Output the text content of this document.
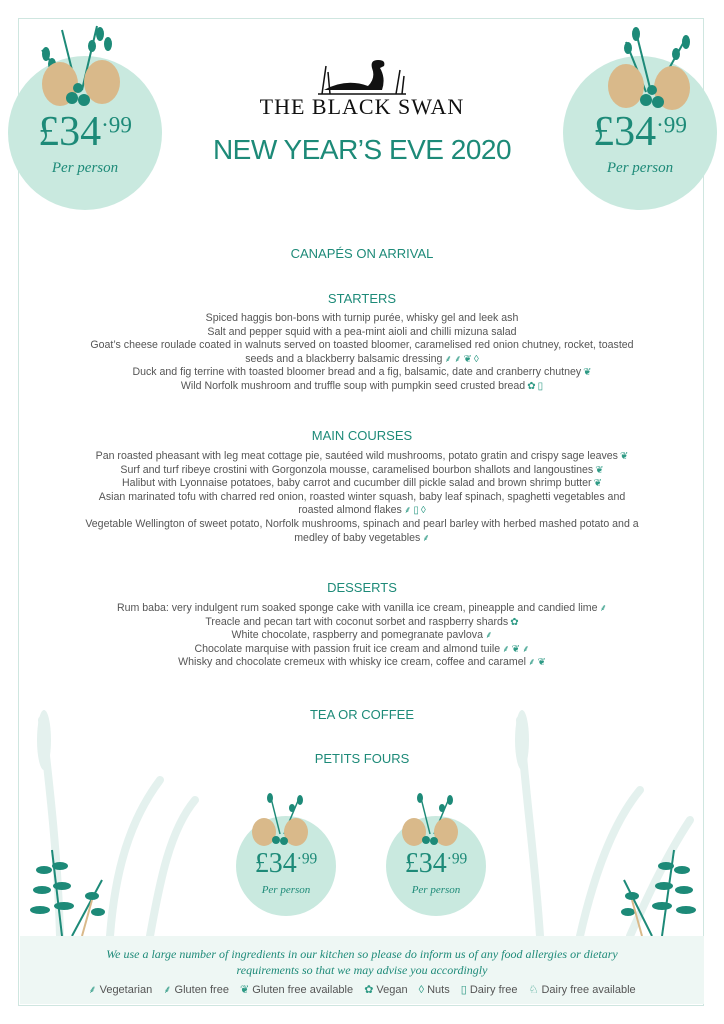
$£34^{\cdot 99}$
Per person
$£34^{\cdot 99}$
Per person
THE BLACK SWAN
NEW YEAR’S EVE 2020
CANAPÉS ON ARRIVAL
STARTERS
Spiced haggis bon-bons with turnip purée, whisky gel and leek ash
Salt and pepper squid with a pea-mint aioli and chilli mizuna salad
Goat’s cheese roulade coated in walnuts served on toasted bloomer, caramelised red onion chutney, rocket, toasted
seeds and a blackberry balsamic dressing ⸙ ⸙ ❦ ◊
Duck and fig terrine with toasted bloomer bread and a fig, balsamic, date and cranberry chutney ❦
Wild Norfolk mushroom and truffle soup with pumpkin seed crusted bread ✿ ▯
MAIN COURSES
Pan roasted pheasant with leg meat cottage pie, sautéed wild mushrooms, potato gratin and crispy sage leaves ❦
Surf and turf ribeye crostini with Gorgonzola mousse, caramelised bourbon shallots and langoustines ❦
Halibut with Lyonnaise potatoes, baby carrot and cucumber dill pickle salad and brown shrimp butter ❦
Asian marinated tofu with charred red onion, roasted winter squash, baby leaf spinach, spaghetti vegetables and
roasted almond flakes ⸙ ▯ ◊
Vegetable Wellington of sweet potato, Norfolk mushrooms, spinach and pearl barley with herbed mashed potato and a
medley of baby vegetables ⸙
DESSERTS
Rum baba: very indulgent rum soaked sponge cake with vanilla ice cream, pineapple and candied lime ⸙
Treacle and pecan tart with coconut sorbet and raspberry shards ✿
White chocolate, raspberry and pomegranate pavlova ⸙
Chocolate marquise with passion fruit ice cream and almond tuile ⸙ ❦ ⸙
Whisky and chocolate cremeux with whisky ice cream, coffee and caramel ⸙ ❦
TEA OR COFFEE
PETITS FOURS
$£34^{\cdot 99}$
Per person
$£34^{\cdot 99}$
Per person
We use a large number of ingredients in our kitchen so please do inform us of any food allergies or dietary
requirements so that we may advise you accordingly
⸙ Vegetarian ⸙ Gluten free ❦ Gluten free available ✿ Vegan ◊ Nuts ▯ Dairy free ♘ Dairy free available
